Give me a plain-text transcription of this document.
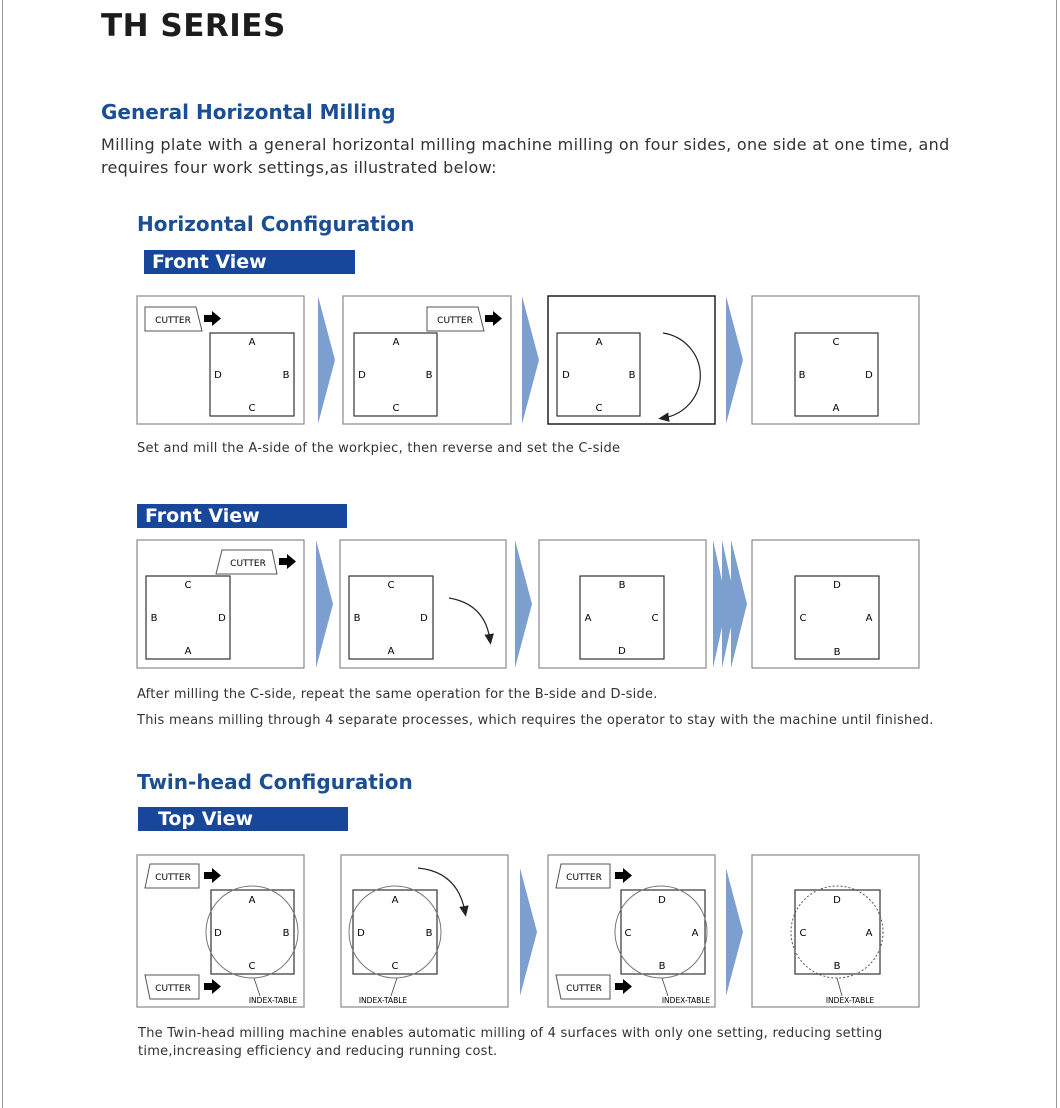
TH SERIES
General Horizontal Milling

Milling plate with a general horizontal milling machine milling on four sides, one side at one time, and requires four work settings,as illustrated below:

Horizontal Configuration
Front View
Front View
Twin-head Configuration
Top View
Set and mill the A-side of the workpiec, then reverse and set the C-side
After milling the C-side, repeat the same operation for the B-side and D-side.
This means milling through 4 separate processes, which requires the operator to stay with the machine until finished.
The Twin-head milling machine enables automatic milling of 4 surfaces with only one setting, reducing setting time,increasing efficiency and reducing running cost.
CUTTER
A
B
C
D
CUTTER
A
B
C
D
A
B
C
D
C
D
A
B
CUTTER
C
D
A
B
C
D
A
B
B
C
D
A
D
A
B
C
CUTTER
CUTTER
A
B
C
D
INDEX-TABLE
A
B
C
D
INDEX-TABLE
CUTTER
CUTTER
D
A
B
C
INDEX-TABLE
D
A
B
C
INDEX-TABLE
